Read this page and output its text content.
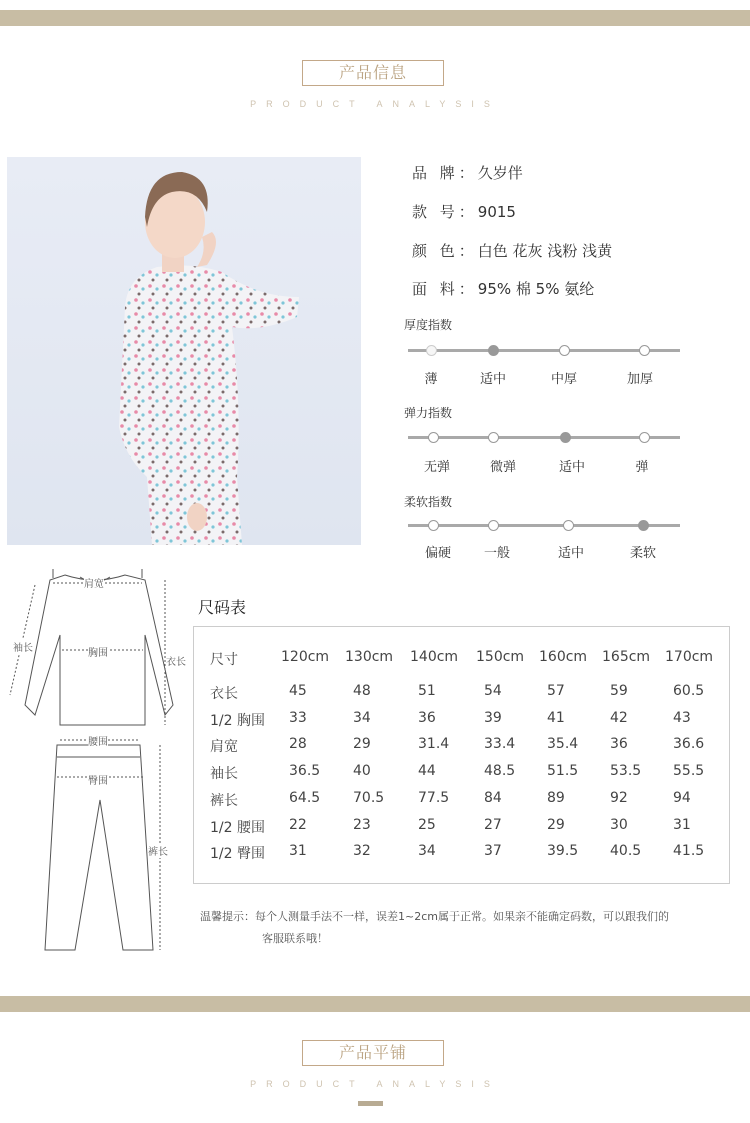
产品信息
PRODUCT ANALYSIS
品 牌：久岁伴
款 号：9015
颜 色：白色 花灰 浅粉 浅黄
面 料：95% 棉 5% 氨纶
厚度指数
薄	适中	中厚	加厚
弹力指数
无弹	微弹	适中	弹
柔软指数
偏硬	一般	适中	柔软
肩宽
袖长	胸围
衣长
腰围
臀围
裤长
尺码表
尺寸	120cm 130cm 140cm 150cm 160cm 165cm 170cm
衣长	45	48	51	54	57	59	60.5
1/2 胸围 33	34	36	39	41	42	43
肩宽	28	29	31.4 33.4 35.4 36	36.6
袖长	36.5 40	44	48.5 51.5 53.5 55.5
裤长	64.5 70.5 77.5 84	89	92	94
1/2 腰围 22	23	25	27	29	30	31
1/2 臀围 31	32	34	37	39.5 40.5 41.5
温馨提示：每个人测量手法不一样，误差1~2cm属于正常。如果亲不能确定码数，可以跟我们的
客服联系哦！
产品平铺
PRODUCT ANALYSIS
